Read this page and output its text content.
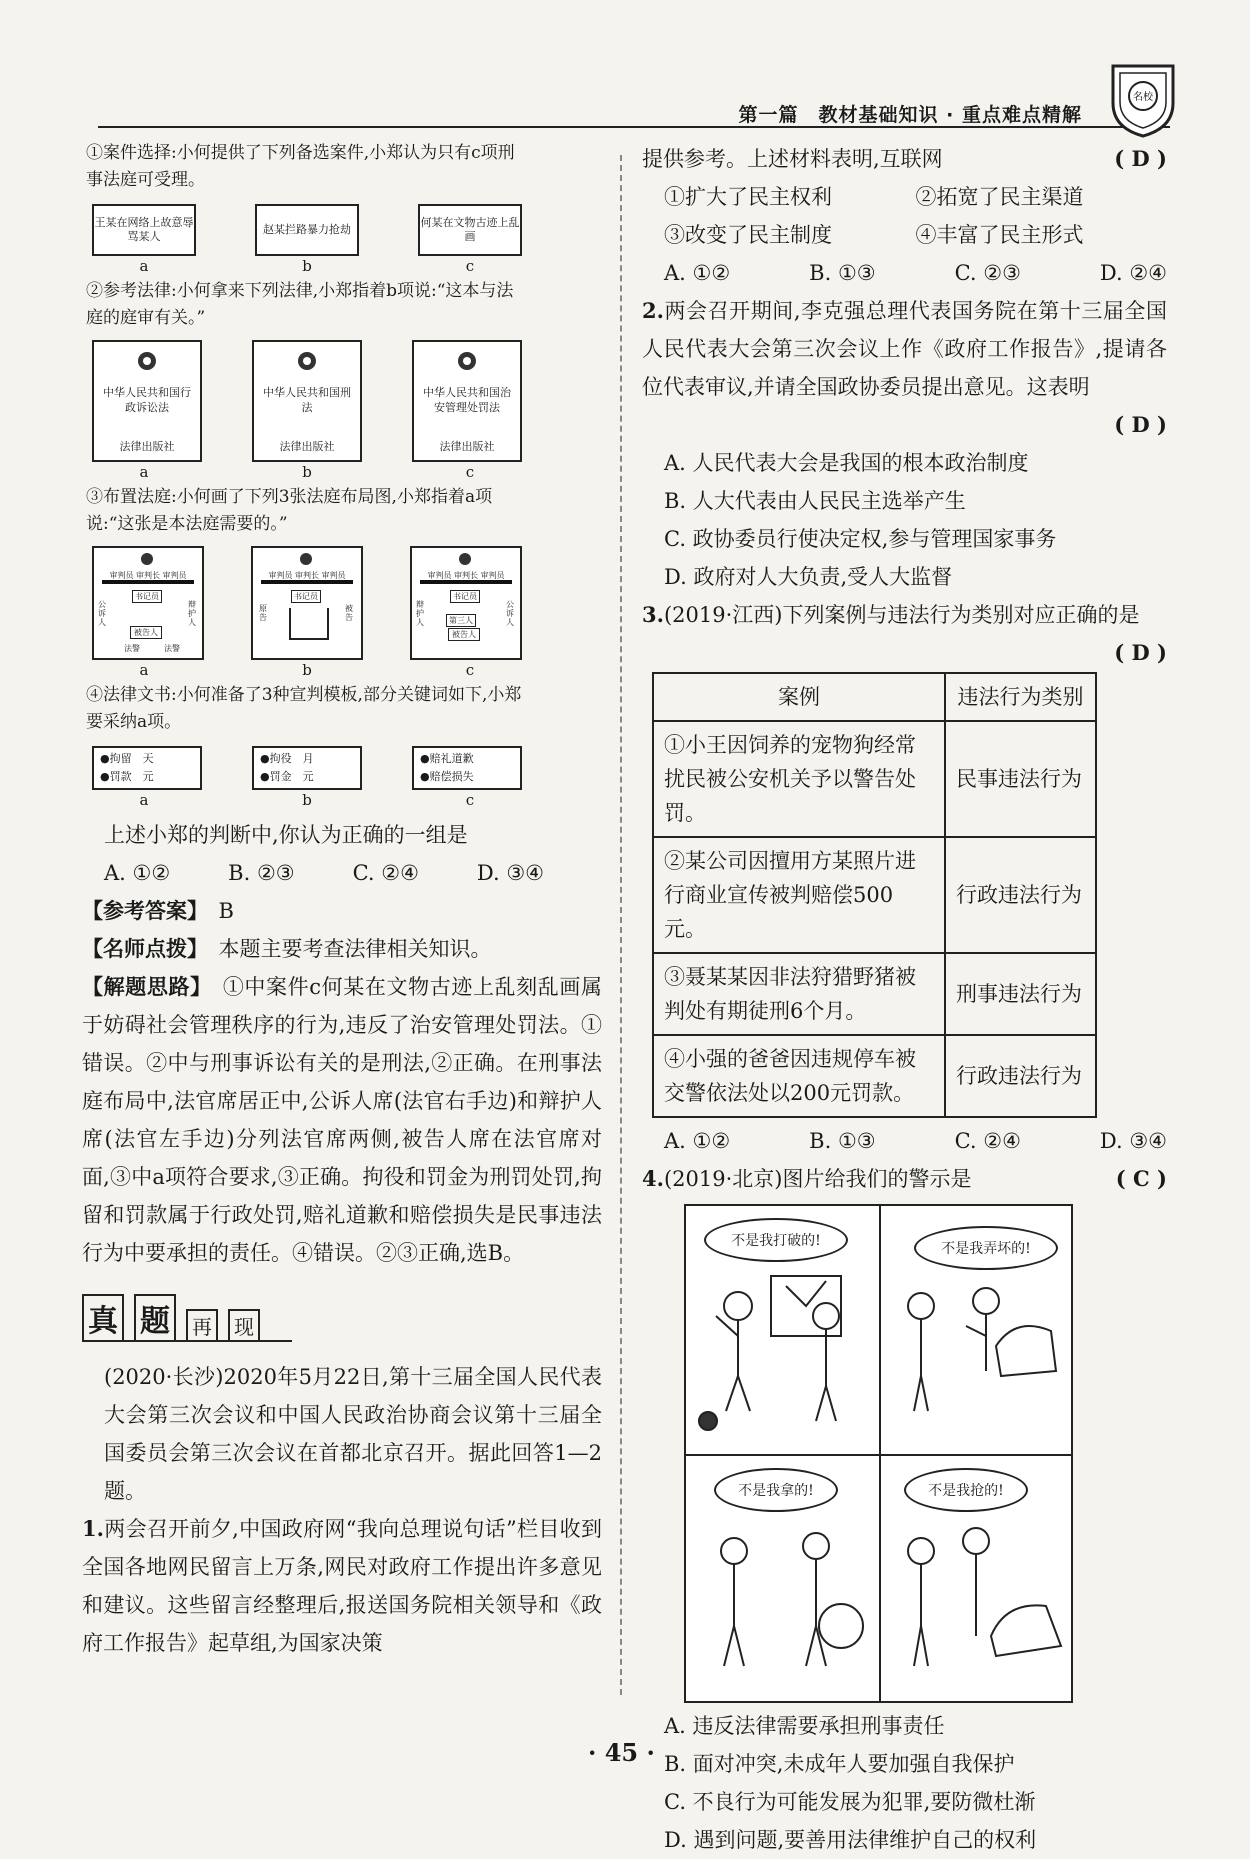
第一篇　教材基础知识 · 重点难点精解
名校

①案件选择:小何提供了下列备选案件,小郑认为只有c项刑事法庭可受理。

王某在网络上故意辱骂某人
赵某拦路暴力抢劫
何某在文物古迹上乱画
a	b	c

②参考法律:小何拿来下列法律,小郑指着b项说:“这本与法庭的庭审有关。”

中华人民共和国行政诉讼法
法律出版社
中华人民共和国刑法
法律出版社
中华人民共和国治安管理处罚法
法律出版社
a	b	c

③布置法庭:小何画了下列3张法庭布局图,小郑指着a项说:“这张是本法庭需要的。”

审判员 审判长 审判员
书记员
公诉人
辩护人
被告人
法警	法警
审判员 审判长 审判员
书记员
原告
被告
审判员 审判长 审判员
书记员
辩护人
公诉人
第三人
被告人
a	b	c

④法律文书:小何准备了3种宣判模板,部分关键词如下,小郑要采纳a项。

●拘留　天
●罚款　元
●拘役　月
●罚金　元
●赔礼道歉
●赔偿损失
a	b	c

上述小郑的判断中,你认为正确的一组是

A. ①②	B. ②③	C. ②④	D. ③④

【参考答案】　 B

【名师点拨】　 本题主要考查法律相关知识。

【解题思路】　 ①中案件c何某在文物古迹上乱刻乱画属于妨碍社会管理秩序的行为,违反了治安管理处罚法。①错误。②中与刑事诉讼有关的是刑法,②正确。在刑事法庭布局中,法官席居正中,公诉人席(法官右手边)和辩护人席(法官左手边)分列法官席两侧,被告人席在法官席对面,③中a项符合要求,③正确。拘役和罚金为刑罚处罚,拘留和罚款属于行政处罚,赔礼道歉和赔偿损失是民事违法行为中要承担的责任。④错误。②③正确,选B。

真 题	再	现

(2020·长沙)2020年5月22日,第十三届全国人民代表大会第三次会议和中国人民政治协商会议第十三届全国委员会第三次会议在首都北京召开。据此回答1—2题。

1.两会召开前夕,中国政府网“我向总理说句话”栏目收到全国各地网民留言上万条,网民对政府工作提出许多意见和建议。这些留言经整理后,报送国务院相关领导和《政府工作报告》起草组,为国家决策

提供参考。上述材料表明,互联网	( D )
①扩大了民主权利	②拓宽了民主渠道
③改变了民主制度	④丰富了民主形式
A. ①②	B. ①③	C. ②③	D. ②④

2.两会召开期间,李克强总理代表国务院在第十三届全国人民代表大会第三次会议上作《政府工作报告》,提请各位代表审议,并请全国政协委员提出意见。这表明

( D )
A. 人民代表大会是我国的根本政治制度
B. 人大代表由人民民主选举产生
C. 政协委员行使决定权,参与管理国家事务
D. 政府对人大负责,受人大监督

3.(2019·江西)下列案例与违法行为类别对应正确的是

( D )
案例	违法行为类别
①小王因饲养的宠物狗经常扰民被公安机关予以警告处罚。	民事违法行为
②某公司因擅用方某照片进行商业宣传被判赔偿500元。	行政违法行为
③聂某某因非法狩猎野猪被判处有期徒刑6个月。	刑事违法行为
④小强的爸爸因违规停车被交警依法处以200元罚款。	行政违法行为
A. ①②	B. ①③	C. ②④	D. ③④
4.(2019·北京)图片给我们的警示是	( C )
不是我打破的!	不是我弄坏的!
不是我拿的!	不是我抢的!
A. 违反法律需要承担刑事责任
B. 面对冲突,未成年人要加强自我保护
C. 不良行为可能发展为犯罪,要防微杜渐
D. 遇到问题,要善用法律维护自己的权利
· 45 ·
